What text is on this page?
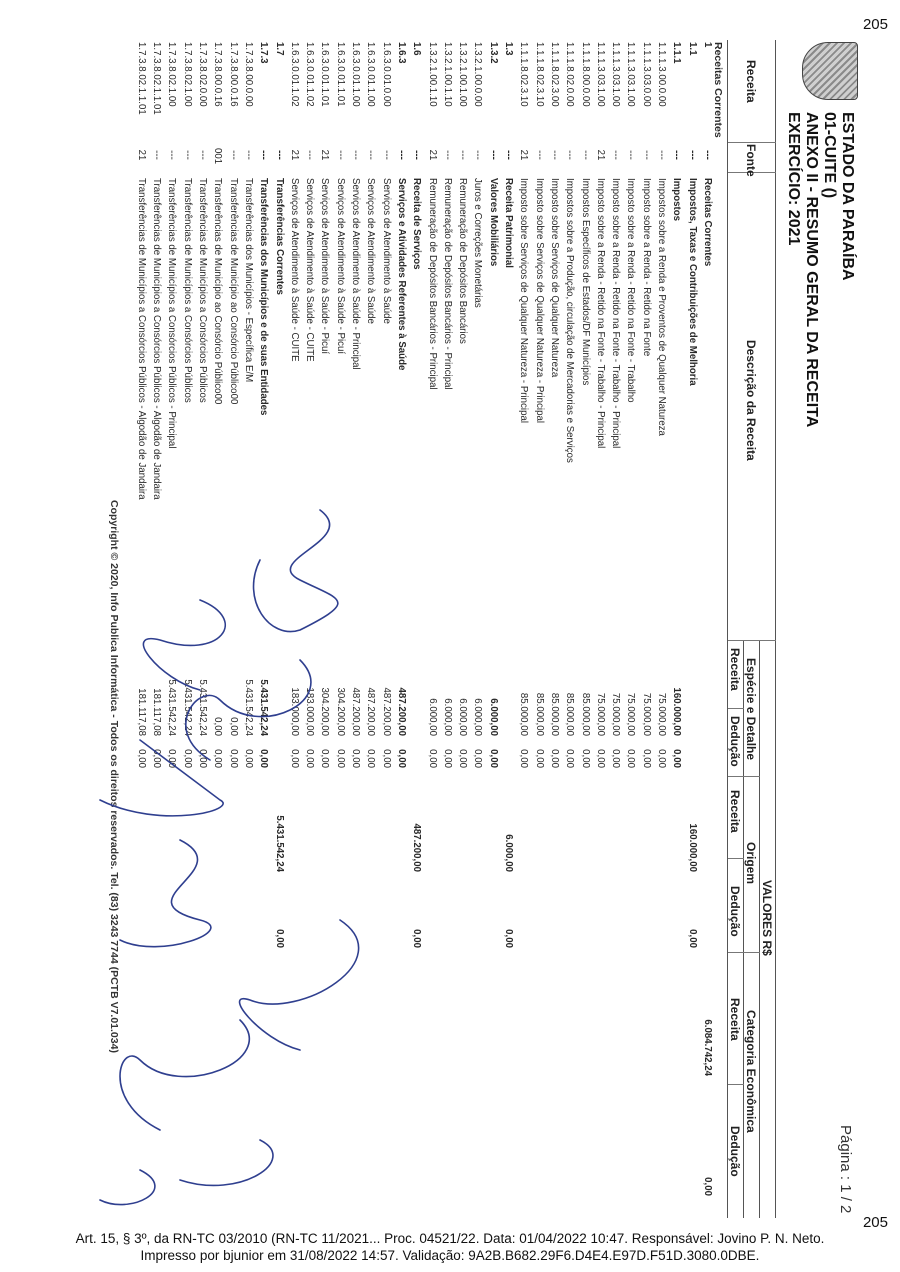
205
ESTADO DA PARAÍBA
01-CUITE ()
ANEXO II - RESUMO GERAL DA RECEITA
EXERCÍCIO: 2021
Página : 1 / 2
Receita
Fonte
Descrição da Receita
VALORES R$
Espécie e Detalhe
Origem
Categoria Econômica
Receita
Dedução
Receita
Dedução
Receita
Dedução
Receitas Correntes
1
---
Receitas Correntes
6.084.742,24
0,00
1.1
---
Impostos, Taxas e Contribuições de Melhoria
160.000,00
0,00
1.1.1
---
Impostos
160.000,00
0,00
1.1.1.3.00.0.00
---
Impostos sobre a Renda e Proventos de Qualquer Natureza
75.000,00
0,00
1.1.1.3.03.0.00
---
Imposto sobre a Renda - Retido na Fonte
75.000,00
0,00
1.1.1.3.03.1.00
---
Imposto sobre a Renda - Retido na Fonte - Trabalho
75.000,00
0,00
1.1.1.3.03.1.00
---
Imposto sobre a Renda - Retido na Fonte - Trabalho - Principal
75.000,00
0,00
1.1.1.3.03.1.00
21
Imposto sobre a Renda - Retido na Fonte - Trabalho - Principal
75.000,00
0,00
1.1.1.8.00.0.00
---
Impostos Específicos de Estados/DF Municípios
85.000,00
0,00
1.1.1.8.02.0.00
---
Impostos sobre a Produção, circulação de Mercadorias e Serviços
85.000,00
0,00
1.1.1.8.02.3.00
---
Imposto sobre Serviços de Qualquer Natureza
85.000,00
0,00
1.1.1.8.02.3.10
---
Imposto sobre Serviços de Qualquer Natureza - Principal
85.000,00
0,00
1.1.1.8.02.3.10
21
Imposto sobre Serviços de Qualquer Natureza - Principal
85.000,00
0,00
1.3
---
Receita Patrimonial
6.000,00
0,00
1.3.2
---
Valores Mobiliários
6.000,00
0,00
1.3.2.1.00.0.00
---
Juros e Correções Monetárias
6.000,00
0,00
1.3.2.1.00.1.00
---
Remuneração de Depósitos Bancários
6.000,00
0,00
1.3.2.1.00.1.10
---
Remuneração de Depósitos Bancários - Principal
6.000,00
0,00
1.3.2.1.00.1.10
21
Remuneração de Depósitos Bancários - Principal
6.000,00
0,00
1.6
---
Receita de Serviços
487.200,00
0,00
1.6.3
---
Serviços e Atividades Referentes à Saúde
487.200,00
0,00
1.6.3.0.01.0.00
---
Serviços de Atendimento à Saúde
487.200,00
0,00
1.6.3.0.01.1.00
---
Serviços de Atendimento à Saúde
487.200,00
0,00
1.6.3.0.01.1.00
---
Serviços de Atendimento à Saúde - Principal
487.200,00
0,00
1.6.3.0.01.1.01
---
Serviços de Atendimento à Saúde - Picuí
304.200,00
0,00
1.6.3.0.01.1.01
21
Serviços de Atendimento à Saúde - Picuí
304.200,00
0,00
1.6.3.0.01.1.02
---
Serviços de Atendimento à Saúde - CUITE
183.000,00
0,00
1.6.3.0.01.1.02
21
Serviços de Atendimento à Saúde - CUITE
183.000,00
0,00
1.7
---
Transferências Correntes
5.431.542,24
0,00
1.7.3
---
Transferências dos Municípios e de suas Entidades
5.431.542,24
0,00
1.7.3.8.00.0.00
---
Transferências dos Municípios - Específica E/M
5.431.542,24
0,00
1.7.3.8.00.0.16
---
Transferências de Município ao Consórcio Público00
0,00
0,00
1.7.3.8.00.0.16
001
Transferências de Município ao Consórcio Público00
0,00
0,00
1.7.3.8.02.0.00
---
Transferências de Municípios a Consórcios Públicos
5.431.542,24
0,00
1.7.3.8.02.1.00
---
Transferências de Municípios a Consórcios Públicos
5.431.542,24
0,00
1.7.3.8.02.1.00
---
Transferências de Municípios a Consórcios Públicos - Principal
5.431.542,24
0,00
1.7.3.8.02.1.1.01
---
Transferências de Municípios a Consórcios Públicos - Algodão de Jandaira
181.117,08
0,00
1.7.3.8.02.1.1.01
21
Transferências de Municípios a Consórcios Públicos - Algodão de Jandaira
181.117,08
0,00
Copyright © 2020, Info Publica Informática - Todos os direitos reservados. Tel. (83) 3243 7744 (PCTB V7.01.034)
205
Art. 15, § 3º, da RN-TC 03/2010 (RN-TC 11/2021... Proc. 04521/22. Data: 01/04/2022 10:47. Responsável: Jovino P. N. Neto.
Impresso por bjunior em 31/08/2022 14:57. Validação: 9A2B.B682.29F6.D4E4.E97D.F51D.3080.0DBE.
